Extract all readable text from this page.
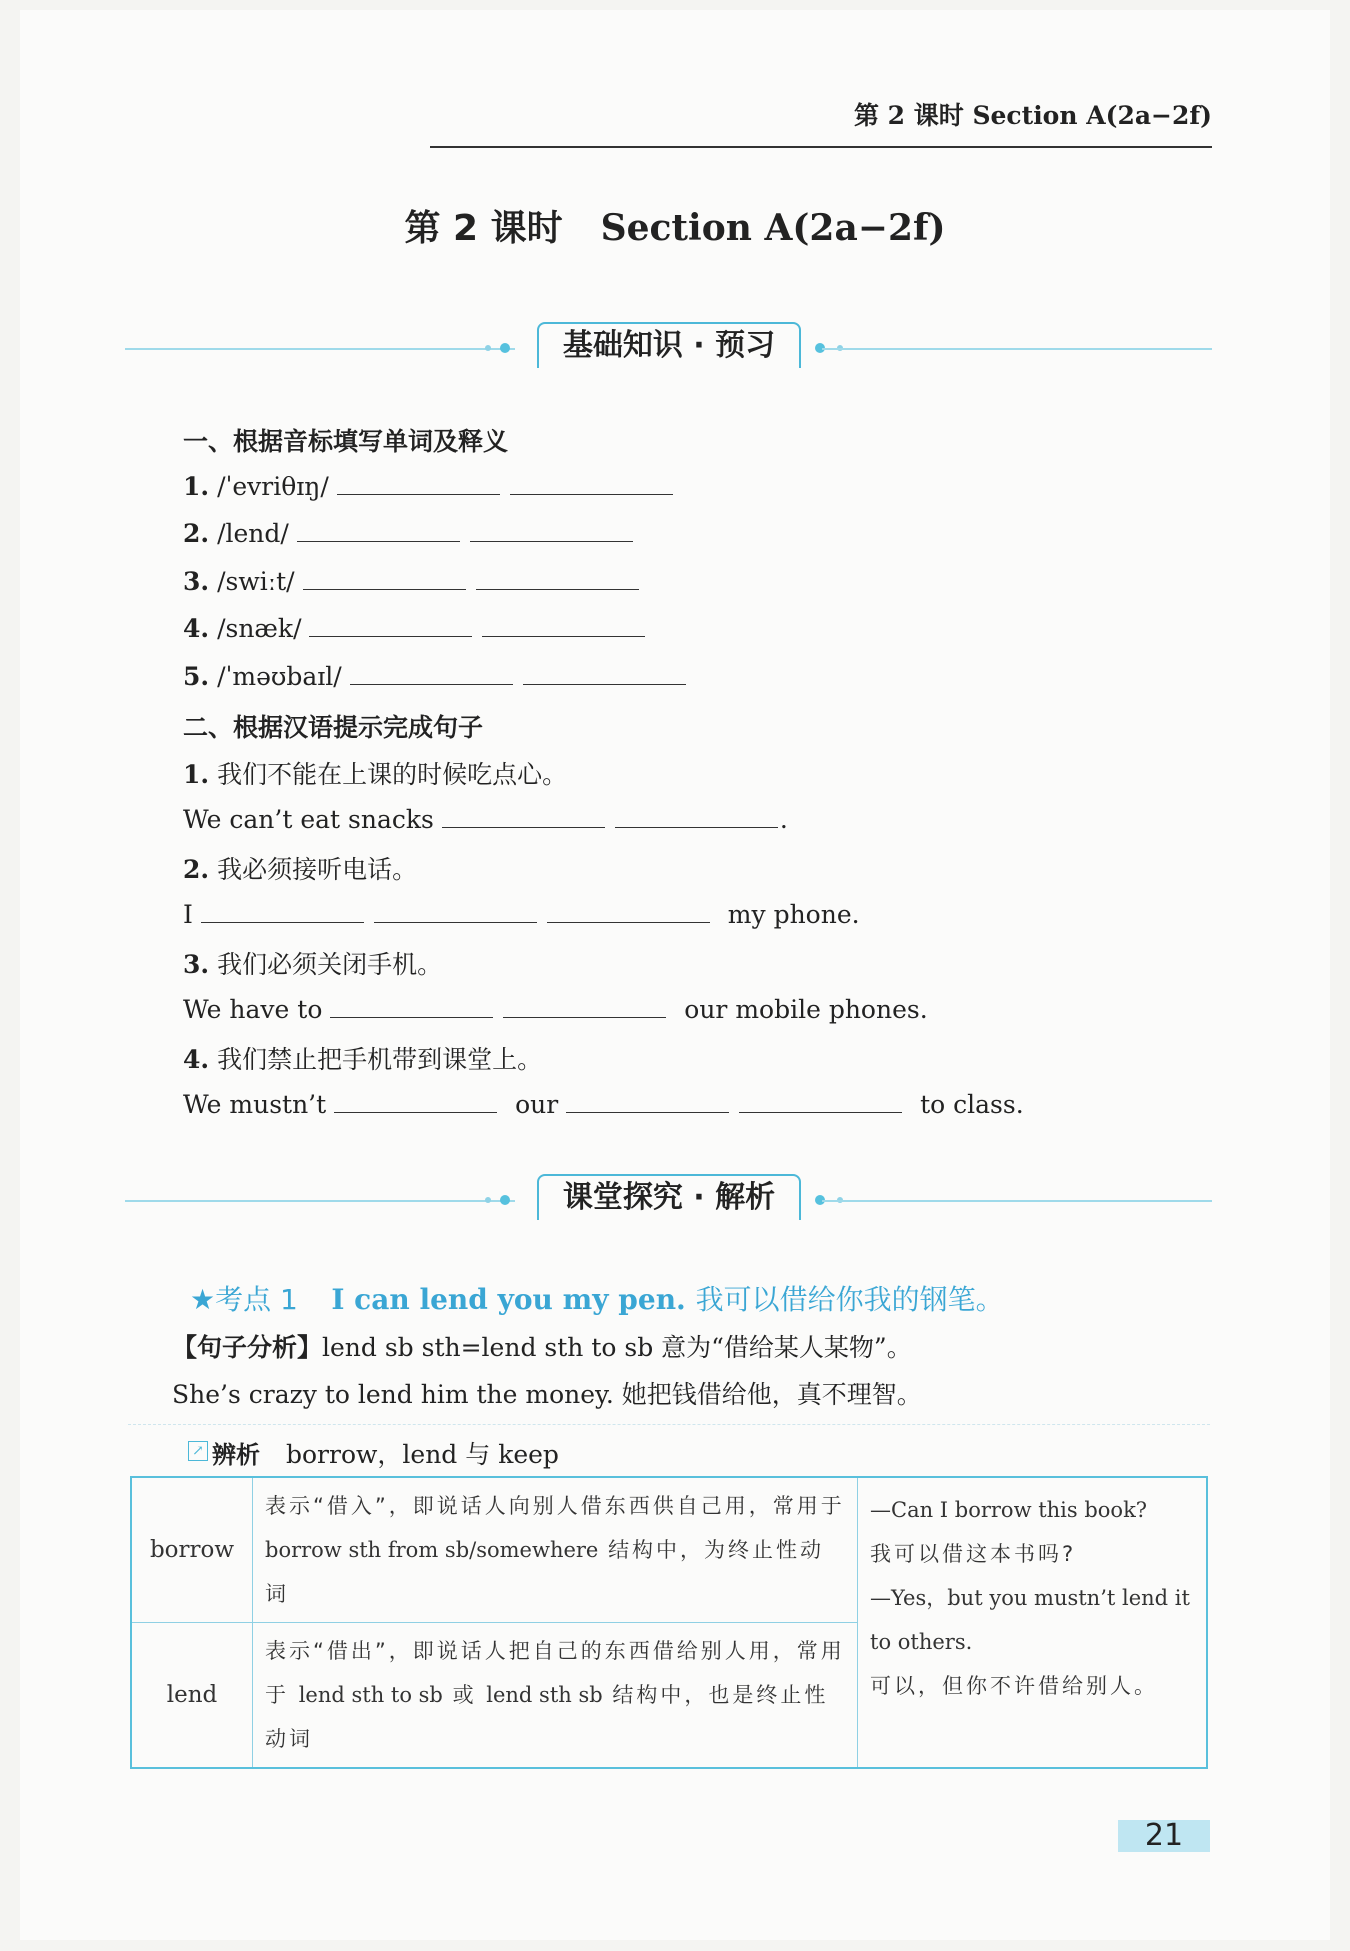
第 2 课时 Section A(2a−2f)
第 2 课时 Section A(2a−2f)
基础知识 · 预习
一、根据音标填写单词及释义
1. /ˈevriθɪŋ/
2. /lend/
3. /swiːt/
4. /snæk/
5. /ˈməʊbaɪl/
二、根据汉语提示完成句子
1. 我们不能在上课的时候吃点心。
We can’t eat snacks	.
2. 我必须接听电话。
I	my phone.
3. 我们必须关闭手机。
We have to	our mobile phones.
4. 我们禁止把手机带到课堂上。
We mustn’t	our	to class.
课堂探究 · 解析
★考点 1 I can lend you my pen. 我可以借给你我的钢笔。
【句子分析】lend sb sth=lend sth to sb 意为“借给某人某物”。
She’s crazy to lend him the money. 她把钱借给他，真不理智。
↗ 辨析 borrow，lend 与 keep
borrow	表示“借入”，即说话人向别人借东西供自己用，常用于
borrow sth from sb/somewhere 结构中，为终止性动词	—Can I borrow this book?
我可以借这本书吗?
—Yes，but you mustn’t lend it
to others.
可以，但你不许借给别人。
lend	表示“借出”，即说话人把自己的东西借给别人用，常用
于 lend sth to sb 或 lend sth sb 结构中，也是终止性
动词	
21
